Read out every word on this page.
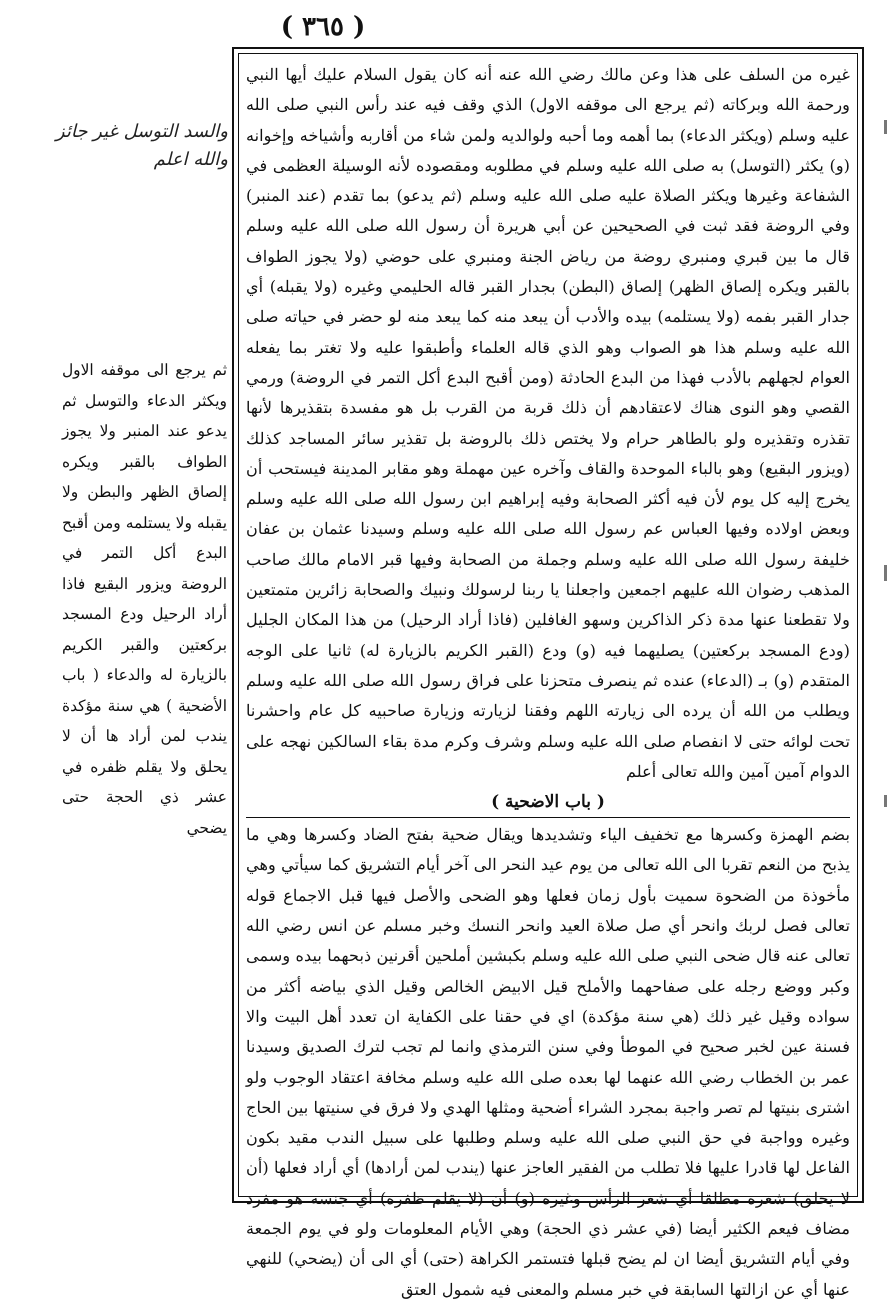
( ٣٦٥ )
والسد التوسل غير جائز والله اعلم
ثم يرجع الى موقفه الاول ويكثر الدعاء والتوسل ثم يدعو عند المنبر ولا يجوز الطواف بالقبر ويكره إلصاق الظهر والبطن ولا يقبله ولا يستلمه ومن أقبح البدع أكل التمر في الروضة ويزور البقيع فاذا أراد الرحيل ودع المسجد بركعتين والقبر الكريم بالزيارة له والدعاء ( باب الأضحية ) هي سنة مؤكدة يندب لمن أراد ها أن لا يحلق ولا يقلم ظفره في عشر ذي الحجة حتى يضحي

غيره من السلف على هذا وعن مالك رضي الله عنه أنه كان يقول السلام عليك أيها النبي ورحمة الله وبركاته (ثم يرجع الى موقفه الاول) الذي وقف فيه عند رأس النبي صلى الله عليه وسلم (ويكثر الدعاء) بما أهمه وما أحبه ولوالديه ولمن شاء من أقاربه وأشياخه وإخوانه (و) يكثر (التوسل) به صلى الله عليه وسلم في مطلوبه ومقصوده لأنه الوسيلة العظمى في الشفاعة وغيرها ويكثر الصلاة عليه صلى الله عليه وسلم (ثم يدعو) بما تقدم (عند المنبر) وفي الروضة فقد ثبت في الصحيحين عن أبي هريرة أن رسول الله صلى الله عليه وسلم قال ما بين قبري ومنبري روضة من رياض الجنة ومنبري على حوضي (ولا يجوز الطواف بالقبر ويكره إلصاق الظهر) إلصاق (البطن) بجدار القبر قاله الحليمي وغيره (ولا يقبله) أي جدار القبر بفمه (ولا يستلمه) بيده والأدب أن يبعد منه كما يبعد منه لو حضر في حياته صلى الله عليه وسلم هذا هو الصواب وهو الذي قاله العلماء وأطبقوا عليه ولا تغتر بما يفعله العوام لجهلهم بالأدب فهذا من البدع الحادثة (ومن أقبح البدع أكل التمر في الروضة) ورمي القصي وهو النوى هناك لاعتقادهم أن ذلك قربة من القرب بل هو مفسدة بتقذيرها لأنها تقذره وتقذيره ولو بالطاهر حرام ولا يختص ذلك بالروضة بل تقذير سائر المساجد كذلك (ويزور البقيع) وهو بالباء الموحدة والقاف وآخره عين مهملة وهو مقابر المدينة فيستحب أن يخرج إليه كل يوم لأن فيه أكثر الصحابة وفيه إبراهيم ابن رسول الله صلى الله عليه وسلم وبعض اولاده وفيها العباس عم رسول الله صلى الله عليه وسلم وسيدنا عثمان بن عفان خليفة رسول الله صلى الله عليه وسلم وجملة من الصحابة وفيها قبر الامام مالك صاحب المذهب رضوان الله عليهم اجمعين واجعلنا يا ربنا لرسولك ونبيك والصحابة زائرين متمتعين ولا تقطعنا عنها مدة ذكر الذاكرين وسهو الغافلين (فاذا أراد الرحيل) من هذا المكان الجليل (ودع المسجد بركعتين) يصليهما فيه (و) ودع (القبر الكريم بالزيارة له) ثانيا على الوجه المتقدم (و) بـ (الدعاء) عنده ثم ينصرف متحزنا على فراق رسول الله صلى الله عليه وسلم ويطلب من الله أن يرده الى زيارته اللهم وفقنا لزيارته وزيارة صاحبيه كل عام واحشرنا تحت لوائه حتى لا انفصام صلى الله عليه وسلم وشرف وكرم مدة بقاء السالكين نهجه على الدوام آمين آمين والله تعالى أعلم

( باب الاضحية )

بضم الهمزة وكسرها مع تخفيف الياء وتشديدها ويقال ضحية بفتح الضاد وكسرها وهي ما يذبح من النعم تقربا الى الله تعالى من يوم عيد النحر الى آخر أيام التشريق كما سيأتي وهي مأخوذة من الضحوة سميت بأول زمان فعلها وهو الضحى والأصل فيها قبل الاجماع قوله تعالى فصل لربك وانحر أي صل صلاة العيد وانحر النسك وخبر مسلم عن انس رضي الله تعالى عنه قال ضحى النبي صلى الله عليه وسلم بكبشين أملحين أقرنين ذبحهما بيده وسمى وكبر ووضع رجله على صفاحهما والأملح قيل الابيض الخالص وقيل الذي بياضه أكثر من سواده وقيل غير ذلك (هي سنة مؤكدة) اي في حقنا على الكفاية ان تعدد أهل البيت والا فسنة عين لخبر صحيح في الموطأ وفي سنن الترمذي وانما لم تجب لترك الصديق وسيدنا عمر بن الخطاب رضي الله عنهما لها بعده صلى الله عليه وسلم مخافة اعتقاد الوجوب ولو اشترى بنيتها لم تصر واجبة بمجرد الشراء أضحية ومثلها الهدي ولا فرق في سنيتها بين الحاج وغيره وواجبة في حق النبي صلى الله عليه وسلم وطلبها على سبيل الندب مقيد بكون الفاعل لها قادرا عليها فلا تطلب من الفقير العاجز عنها (يندب لمن أرادها) أي أراد فعلها (أن لا يحلق) شعره مطلقا أي شعر الرأس وغيره (و) أن (لا يقلم ظفره) أي جنسه هو مفرد مضاف فيعم الكثير أيضا (في عشر ذي الحجة) وهي الأيام المعلومات ولو في يوم الجمعة وفي أيام التشريق أيضا ان لم يضح قبلها فتستمر الكراهة (حتى) أي الى أن (يضحي) للنهي عنها أي عن ازالتها السابقة في خبر مسلم والمعنى فيه شمول العتق
